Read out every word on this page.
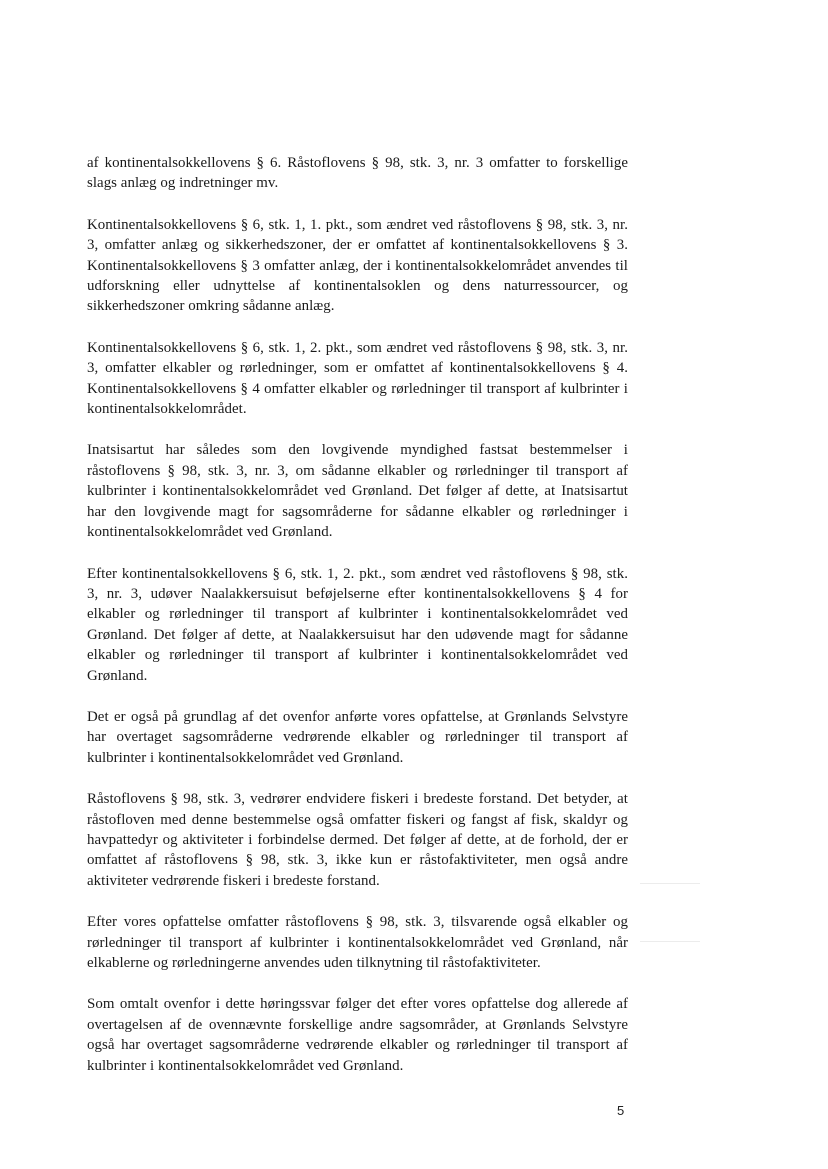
af kontinentalsokkellovens § 6. Råstoflovens § 98, stk. 3, nr. 3 omfatter to forskellige slags anlæg og indretninger mv.

Kontinentalsokkellovens § 6, stk. 1, 1. pkt., som ændret ved råstoflovens § 98, stk. 3, nr. 3, omfatter anlæg og sikkerhedszoner, der er omfattet af kontinentalsokkellovens § 3. Kontinentalsokkellovens § 3 omfatter anlæg, der i kontinentalsokkelområdet anvendes til udforskning eller udnyttelse af kontinentalsoklen og dens naturressourcer, og sikkerhedszoner omkring sådanne anlæg.

Kontinentalsokkellovens § 6, stk. 1, 2. pkt., som ændret ved råstoflovens § 98, stk. 3, nr. 3, omfatter elkabler og rørledninger, som er omfattet af kontinentalsokkellovens § 4. Kontinentalsokkellovens § 4 omfatter elkabler og rørledninger til transport af kulbrinter i kontinentalsokkelområdet.

Inatsisartut har således som den lovgivende myndighed fastsat bestemmelser i råstoflovens § 98, stk. 3, nr. 3, om sådanne elkabler og rørledninger til transport af kulbrinter i kontinentalsokkelområdet ved Grønland. Det følger af dette, at Inatsisartut har den lovgivende magt for sagsområderne for sådanne elkabler og rørledninger i kontinentalsokkelområdet ved Grønland.

Efter kontinentalsokkellovens § 6, stk. 1, 2. pkt., som ændret ved råstoflovens § 98, stk. 3, nr. 3, udøver Naalakkersuisut beføjelserne efter kontinentalsokkellovens § 4 for elkabler og rørledninger til transport af kulbrinter i kontinentalsokkelområdet ved Grønland. Det følger af dette, at Naalakkersuisut har den udøvende magt for sådanne elkabler og rørledninger til transport af kulbrinter i kontinentalsokkelområdet ved Grønland.

Det er også på grundlag af det ovenfor anførte vores opfattelse, at Grønlands Selvstyre har overtaget sagsområderne vedrørende elkabler og rørledninger til transport af kulbrinter i kontinentalsokkelområdet ved Grønland.

Råstoflovens § 98, stk. 3, vedrører endvidere fiskeri i bredeste forstand. Det betyder, at råstofloven med denne bestemmelse også omfatter fiskeri og fangst af fisk, skaldyr og havpattedyr og aktiviteter i forbindelse dermed. Det følger af dette, at de forhold, der er omfattet af råstoflovens § 98, stk. 3, ikke kun er råstofaktiviteter, men også andre aktiviteter vedrørende fiskeri i bredeste forstand.

Efter vores opfattelse omfatter råstoflovens § 98, stk. 3, tilsvarende også elkabler og rørledninger til transport af kulbrinter i kontinentalsokkelområdet ved Grønland, når elkablerne og rørledningerne anvendes uden tilknytning til råstofaktiviteter.

Som omtalt ovenfor i dette høringssvar følger det efter vores opfattelse dog allerede af overtagelsen af de ovennævnte forskellige andre sagsområder, at Grønlands Selvstyre også har overtaget sagsområderne vedrørende elkabler og rørledninger til transport af kulbrinter i kontinentalsokkelområdet ved Grønland.

5
